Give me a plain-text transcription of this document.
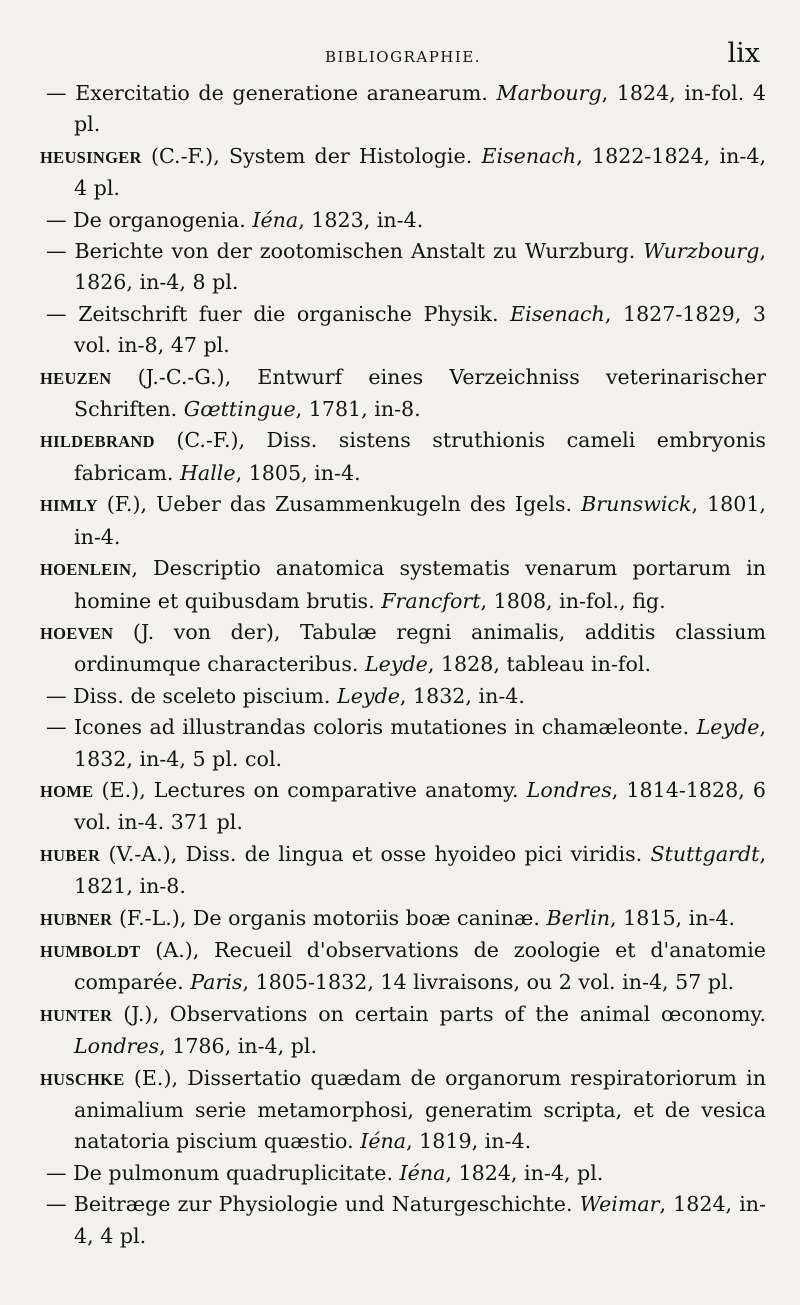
BIBLIOGRAPHIE.	lix
— Exercitatio de generatione aranearum. Marbourg, 1824, in-fol. 4 pl.
HEUSINGER (C.-F.), System der Histologie. Eisenach, 1822-1824, in-4, 4 pl.
— De organogenia. Iéna, 1823, in-4.
— Berichte von der zootomischen Anstalt zu Wurzburg. Wurzbourg, 1826, in-4, 8 pl.
— Zeitschrift fuer die organische Physik. Eisenach, 1827-1829, 3 vol. in-8, 47 pl.
HEUZEN (J.-C.-G.), Entwurf eines Verzeichniss veterinarischer Schriften. Gœttingue, 1781, in-8.
HILDEBRAND (C.-F.), Diss. sistens struthionis cameli embryonis fabricam. Halle, 1805, in-4.
HIMLY (F.), Ueber das Zusammenkugeln des Igels. Brunswick, 1801, in-4.
HOENLEIN, Descriptio anatomica systematis venarum portarum in homine et quibusdam brutis. Francfort, 1808, in-fol., fig.
HOEVEN (J. von der), Tabulæ regni animalis, additis classium ordinumque characteribus. Leyde, 1828, tableau in-fol.
— Diss. de sceleto piscium. Leyde, 1832, in-4.
— Icones ad illustrandas coloris mutationes in chamæleonte. Leyde, 1832, in-4, 5 pl. col.
HOME (E.), Lectures on comparative anatomy. Londres, 1814-1828, 6 vol. in-4. 371 pl.
HUBER (V.-A.), Diss. de lingua et osse hyoideo pici viridis. Stuttgardt, 1821, in-8.
HUBNER (F.-L.), De organis motoriis boæ caninæ. Berlin, 1815, in-4.
HUMBOLDT (A.), Recueil d'observations de zoologie et d'anatomie comparée. Paris, 1805-1832, 14 livraisons, ou 2 vol. in-4, 57 pl.
HUNTER (J.), Observations on certain parts of the animal œconomy. Londres, 1786, in-4, pl.
HUSCHKE (E.), Dissertatio quædam de organorum respiratoriorum in animalium serie metamorphosi, generatim scripta, et de vesica natatoria piscium quæstio. Iéna, 1819, in-4.
— De pulmonum quadruplicitate. Iéna, 1824, in-4, pl.
— Beitræge zur Physiologie und Naturgeschichte. Weimar, 1824, in-4, 4 pl.
